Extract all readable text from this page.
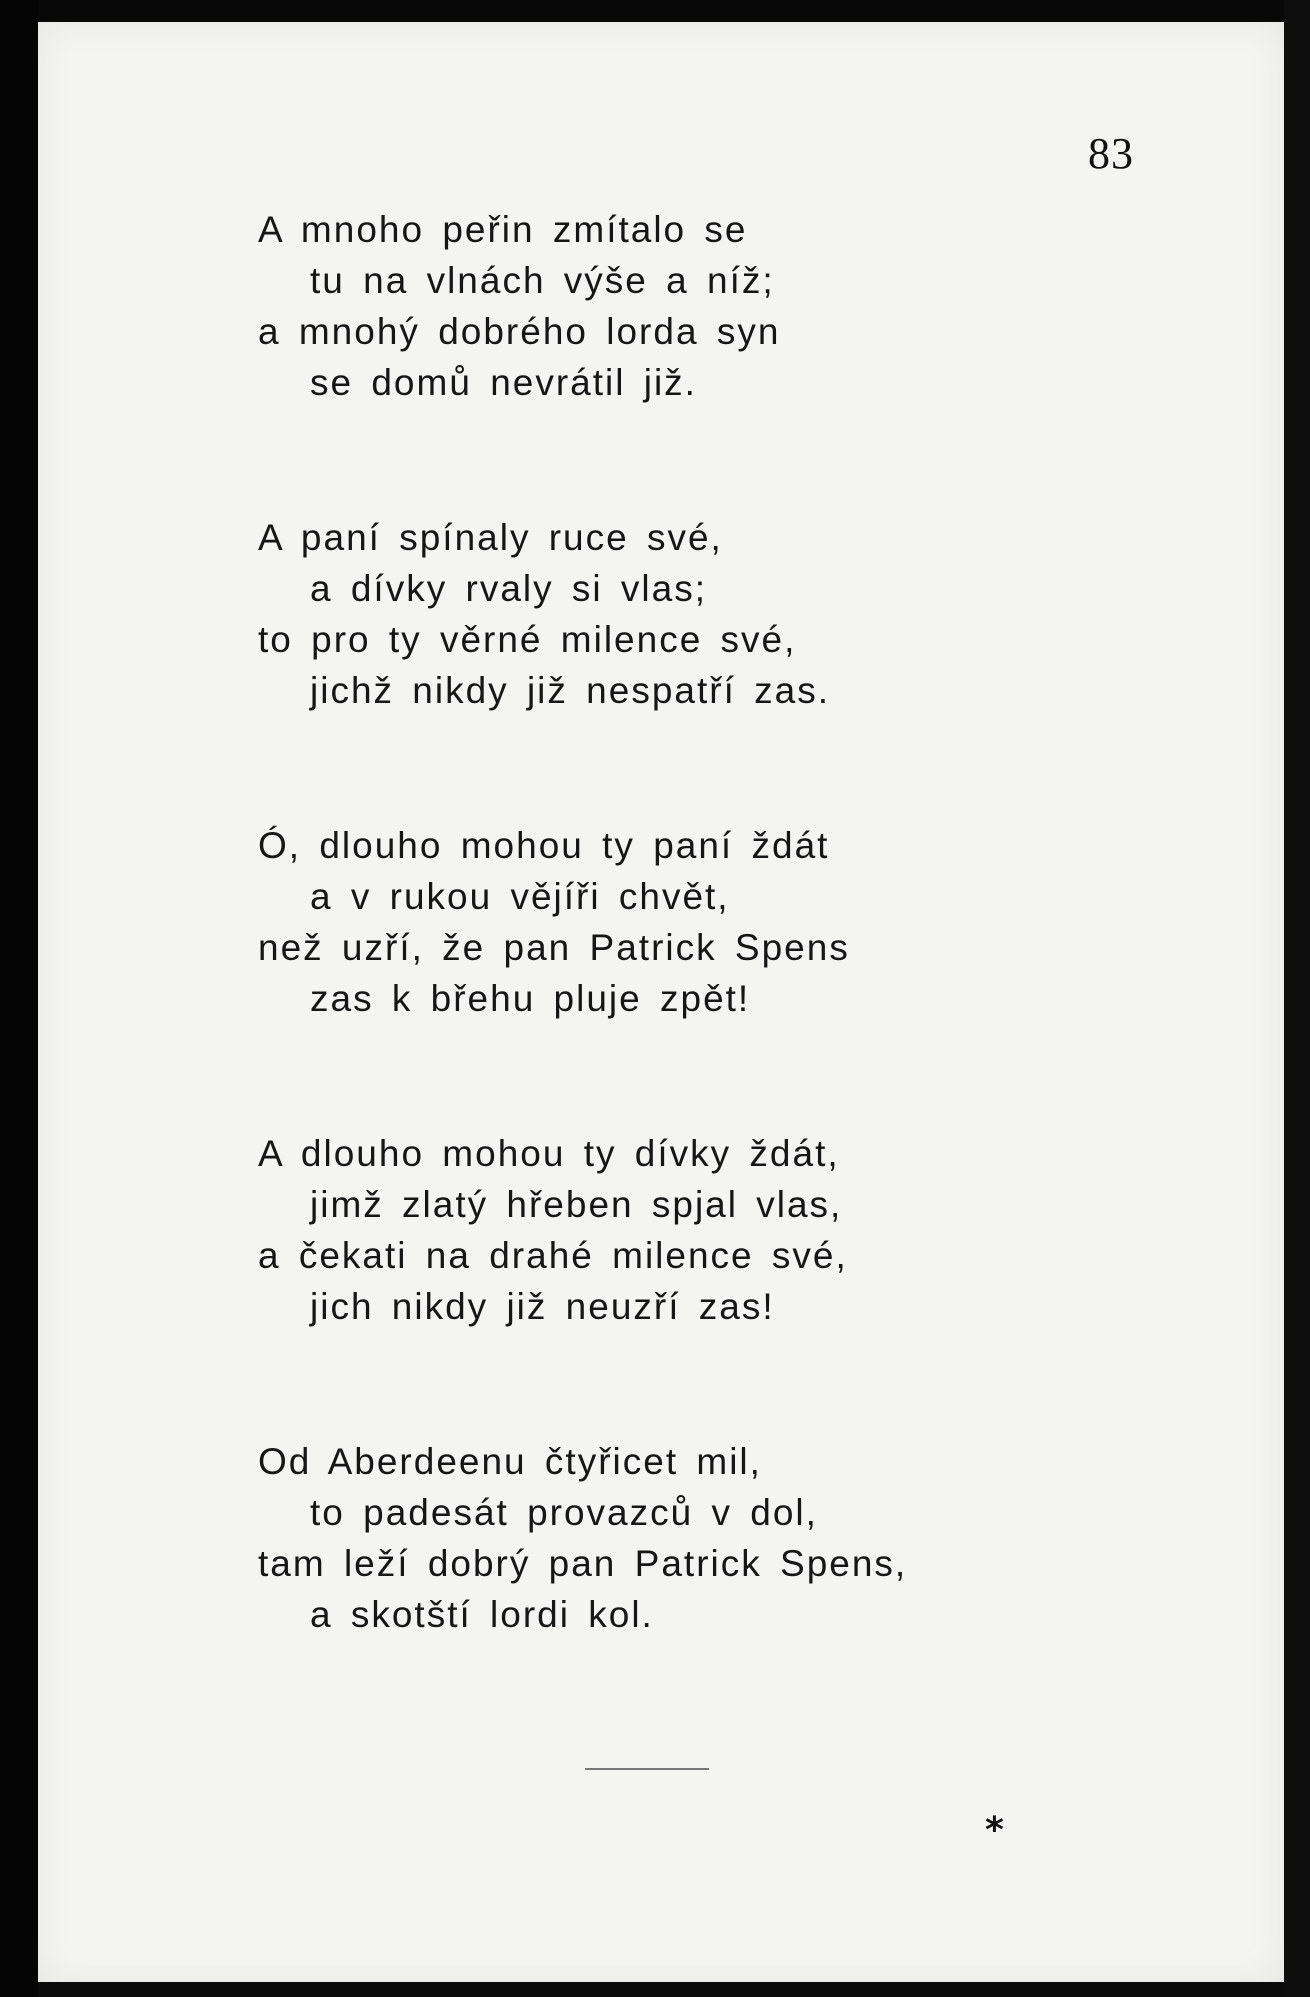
83
A mnoho peřin zmítalo se
tu na vlnách výše a níž;
a mnohý dobrého lorda syn
se domů nevrátil již.
A paní spínaly ruce své,
a dívky rvaly si vlas;
to pro ty věrné milence své,
jichž nikdy již nespatří zas.
Ó, dlouho mohou ty paní ždát
a v rukou vějíři chvět,
než uzří, že pan Patrick Spens
zas k břehu pluje zpět!
A dlouho mohou ty dívky ždát,
jimž zlatý hřeben spjal vlas,
a čekati na drahé milence své,
jich nikdy již neuzří zas!
Od Aberdeenu čtyřicet mil,
to padesát provazců v dol,
tam leží dobrý pan Patrick Spens,
a skotští lordi kol.
*
